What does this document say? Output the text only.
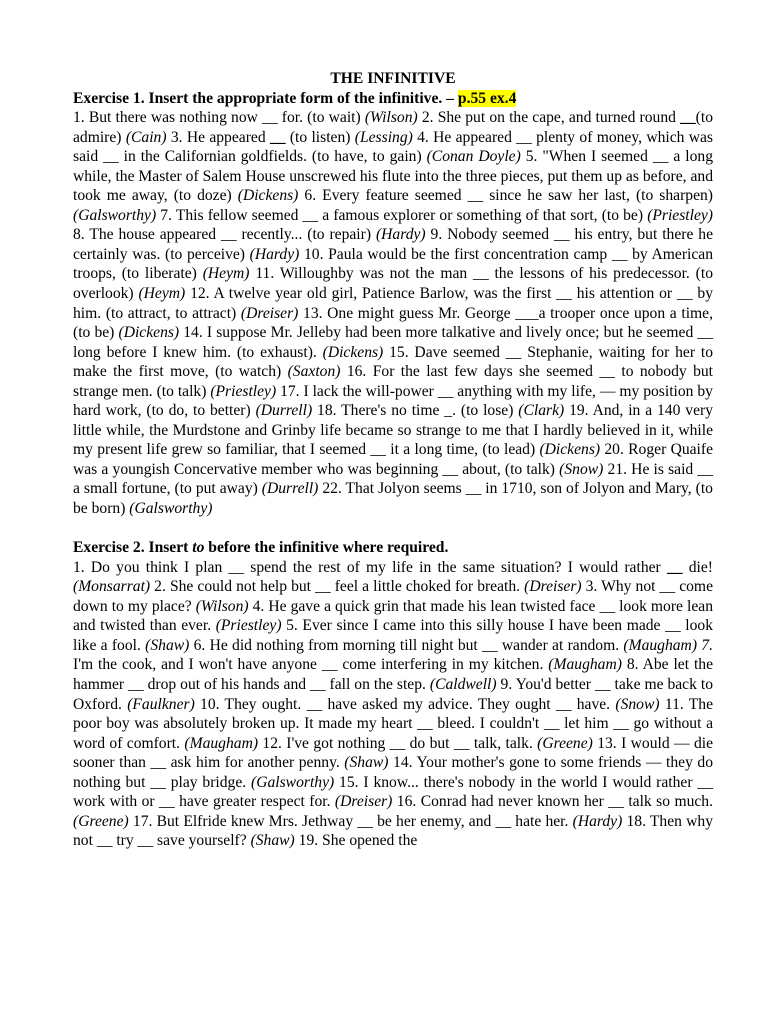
THE INFINITIVE

Exercise 1. Insert the appropriate form of the infinitive. – p.55 ex.4

1. But there was nothing now __ for. (to wait) (Wilson) 2. She put on the cape, and turned round __(to admire) (Cain) 3. He appeared __ (to listen) (Lessing) 4. He appeared __ plenty of money, which was said __ in the Californian goldfields. (to have, to gain) (Conan Doyle) 5. "When I seemed __ a long while, the Master of Salem House unscrewed his flute into the three pieces, put them up as before, and took me away, (to doze) (Dickens) 6. Every feature seemed __ since he saw her last, (to sharpen) (Galsworthy) 7. This fellow seemed __ a famous explorer or something of that sort, (to be) (Priestley) 8. The house appeared __ recently... (to repair) (Hardy) 9. Nobody seemed __ his entry, but there he certainly was. (to perceive) (Hardy) 10. Paula would be the first concentration camp __ by American troops, (to liberate) (Heym) 11. Willoughby was not the man __ the lessons of his predecessor. (to overlook) (Heym) 12. A twelve year old girl, Patience Barlow, was the first __ his attention or __ by him. (to attract, to attract) (Dreiser) 13. One might guess Mr. George ___a trooper once upon a time, (to be) (Dickens) 14. I suppose Mr. Jelleby had been more talkative and lively once; but he seemed __ long before I knew him. (to exhaust). (Dickens) 15. Dave seemed __ Stephanie, waiting for her to make the first move, (to watch) (Saxton) 16. For the last few days she seemed __ to nobody but strange men. (to talk) (Priestley) 17. I lack the will-power __ anything with my life, — my position by hard work, (to do, to better) (Durrell) 18. There's no time _. (to lose) (Clark) 19. And, in a 140 very little while, the Murdstone and Grinby life became so strange to me that I hardly believed in it, while my present life grew so familiar, that I seemed __ it a long time, (to lead) (Dickens) 20. Roger Quaife was a youngish Concervative member who was beginning __ about, (to talk) (Snow) 21. He is said __ a small fortune, (to put away) (Durrell) 22. That Jolyon seems __ in 1710, son of Jolyon and Mary, (to be born) (Galsworthy)

Exercise 2. Insert to before the infinitive where required.

1. Do you think I plan __ spend the rest of my life in the same situation? I would rather __ die! (Monsarrat) 2. She could not help but __ feel a little choked for breath. (Dreiser) 3. Why not __ come down to my place? (Wilson) 4. He gave a quick grin that made his lean twisted face __ look more lean and twisted than ever. (Priestley) 5. Ever since I came into this silly house I have been made __ look like a fool. (Shaw) 6. He did nothing from morning till night but __ wander at random. (Maugham) 7. I'm the cook, and I won't have anyone __ come interfering in my kitchen. (Maugham) 8. Abe let the hammer __ drop out of his hands and __ fall on the step. (Caldwell) 9. You'd better __ take me back to Oxford. (Faulkner) 10. They ought. __ have asked my advice. They ought __ have. (Snow) 11. The poor boy was absolutely broken up. It made my heart __ bleed. I couldn't __ let him __ go without a word of comfort. (Maugham) 12. I've got nothing __ do but __ talk, talk. (Greene) 13. I would — die sooner than __ ask him for another penny. (Shaw) 14. Your mother's gone to some friends — they do nothing but __ play bridge. (Galsworthy) 15. I know... there's nobody in the world I would rather __ work with or __ have greater respect for. (Dreiser) 16. Conrad had never known her __ talk so much. (Greene) 17. But Elfride knew Mrs. Jethway __ be her enemy, and __ hate her. (Hardy) 18. Then why not __ try __ save yourself? (Shaw) 19. She opened the
